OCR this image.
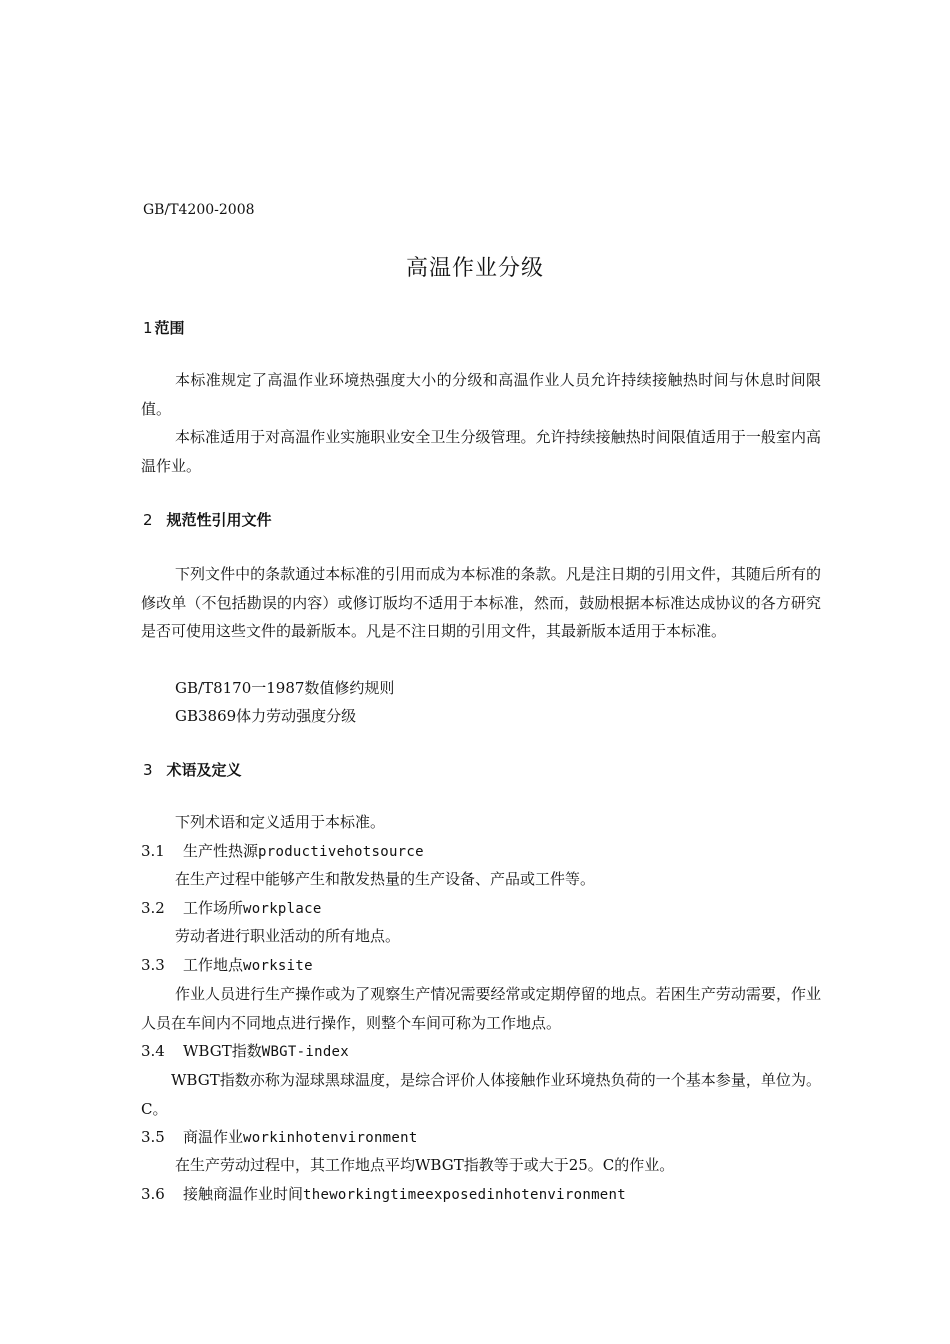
GB/T4200-2008
高温作业分级
1 范围

本标准规定了高温作业环境热强度大小的分级和高温作业人员允许持续接触热时间与休息时间限值。

本标准适用于对高温作业实施职业安全卫生分级管理。允许持续接触热时间限值适用于一般室内高温作业。

2 规范性引用文件

下列文件中的条款通过本标准的引用而成为本标准的条款。凡是注日期的引用文件，其随后所有的修改单（不包括勘误的内容）或修订版均不适用于本标准，然而，鼓励根据本标准达成协议的各方研究是否可使用这些文件的最新版本。凡是不注日期的引用文件，其最新版本适用于本标准。

GB/T8170一1987数值修约规则
GB3869体力劳动强度分级
3 术语及定义

下列术语和定义适用于本标准。

3.1 生产性热源productivehotsource

在生产过程中能够产生和散发热量的生产设备、产品或工件等。

3.2 工作场所workplace

劳动者进行职业活动的所有地点。

3.3 工作地点worksite

作业人员进行生产操作或为了观察生产情况需要经常或定期停留的地点。若困生产劳动需要，作业人员在车间内不同地点进行操作，则整个车间可称为工作地点。

3.4 WBGT指数WBGT-index

WBGT指数亦称为湿球黑球温度，是综合评价人体接触作业环境热负荷的一个基本参量，单位为。C。

3.5 商温作业workinhotenvironment

在生产劳动过程中，其工作地点平均WBGT指教等于或大于25。C的作业。

3.6 接触商温作业时间theworkingtimeexposedinhotenvironment
